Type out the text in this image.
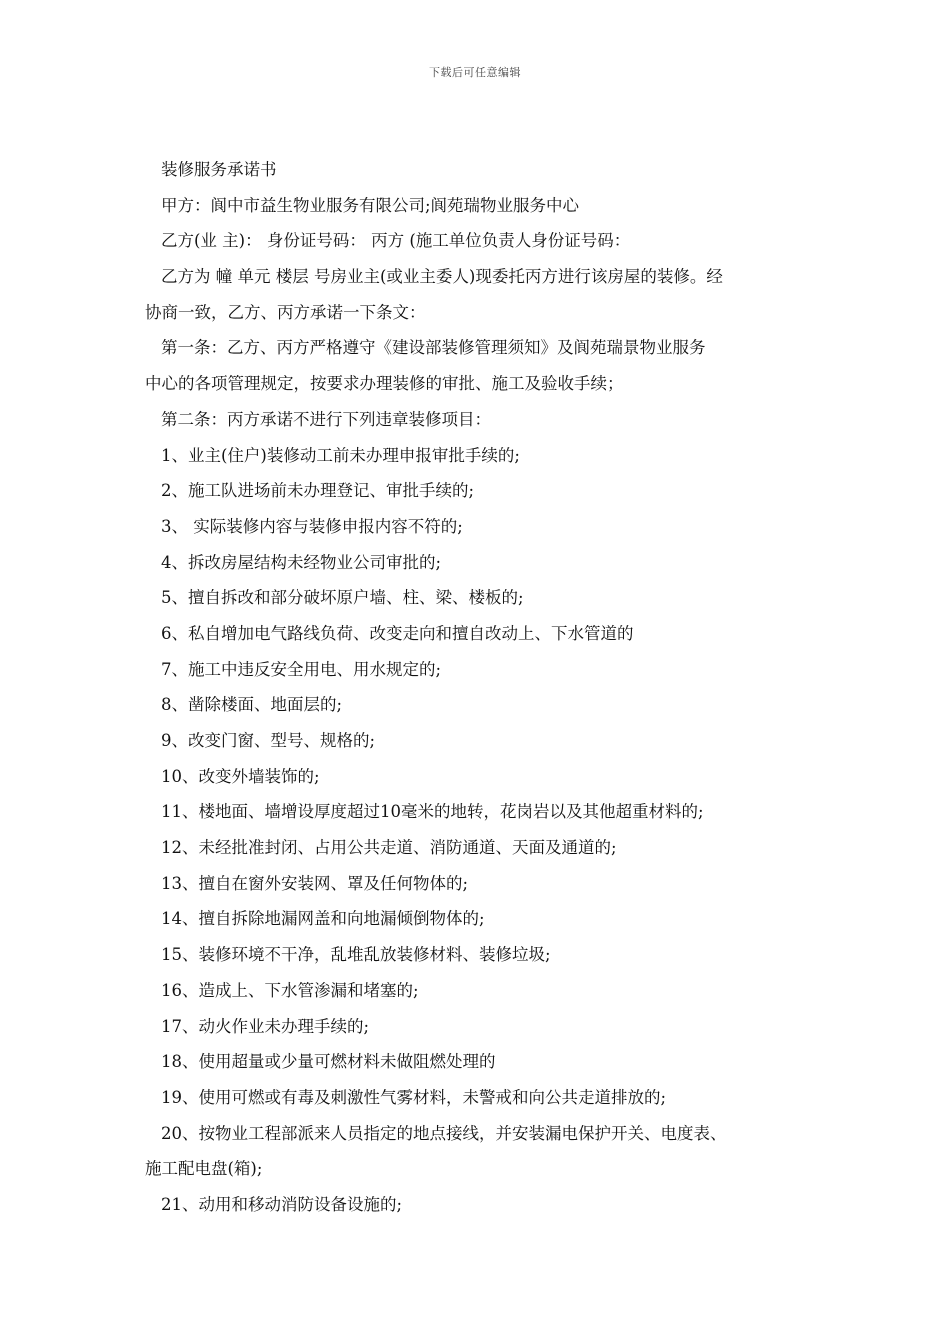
下载后可任意编辑
装修服务承诺书
甲方：阆中市益生物业服务有限公司;阆苑瑞物业服务中心
乙方(业 主)： 身份证号码： 丙方 (施工单位负责人身份证号码：
乙方为 幢 单元 楼层 号房业主(或业主委人)现委托丙方进行该房屋的装修。经
协商一致，乙方、丙方承诺一下条文：
第一条：乙方、丙方严格遵守《建设部装修管理须知》及阆苑瑞景物业服务
中心的各项管理规定，按要求办理装修的审批、施工及验收手续；
第二条：丙方承诺不进行下列违章装修项目：
1、业主(住户)装修动工前未办理申报审批手续的;
2、施工队进场前未办理登记、审批手续的;
3、 实际装修内容与装修申报内容不符的;
4、拆改房屋结构未经物业公司审批的;
5、擅自拆改和部分破坏原户墙、柱、梁、楼板的;
6、私自增加电气路线负荷、改变走向和擅自改动上、下水管道的
7、施工中违反安全用电、用水规定的;
8、凿除楼面、地面层的;
9、改变门窗、型号、规格的;
10、改变外墙装饰的;
11、楼地面、墙增设厚度超过10毫米的地转，花岗岩以及其他超重材料的;
12、未经批准封闭、占用公共走道、消防通道、天面及通道的;
13、擅自在窗外安装网、罩及任何物体的;
14、擅自拆除地漏网盖和向地漏倾倒物体的;
15、装修环境不干净，乱堆乱放装修材料、装修垃圾;
16、造成上、下水管渗漏和堵塞的;
17、动火作业未办理手续的;
18、使用超量或少量可燃材料未做阻燃处理的
19、使用可燃或有毒及刺激性气雾材料，未警戒和向公共走道排放的;
20、按物业工程部派来人员指定的地点接线，并安装漏电保护开关、电度表、
施工配电盘(箱);
21、动用和移动消防设备设施的;
